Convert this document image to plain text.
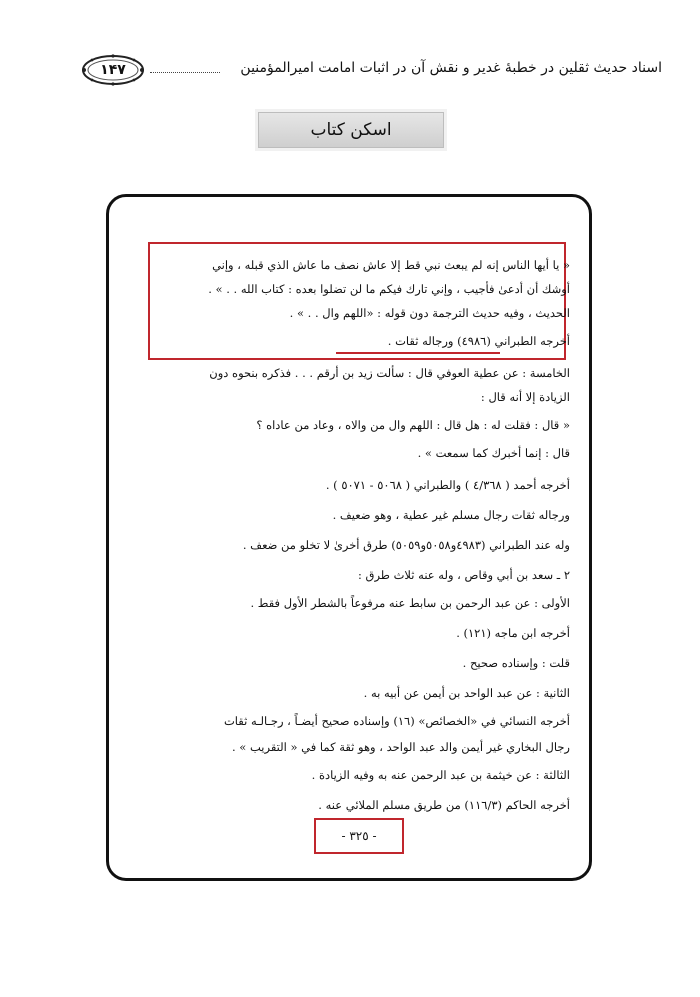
اسناد حدیث ثقلین در خطبهٔ غدیر و نقش آن در اثبات امامت امیرالمؤمنین
۱۴۷
اسکن کتاب
« يا أيها الناس إنه لم يبعث نبي قط إلا عاش نصف ما عاش الذي قبله ، وإني
أوشك أن أدعىٰ فأجيب ، وإني تارك فيكم ما لن تضلوا بعده : كتاب الله . . » .
الحديث ، وفيه حديث الترجمة دون قوله : «اللهم وال . . » .
أخرجه الطبراني (٤٩٨٦) ورجاله ثقات .
الخامسة : عن عطية العوفي قال : سألت زيد بن أرقم . . . فذكره بنحوه دون
الزيادة إلا أنه قال :
« قال : فقلت له : هل قال : اللهم وال من والاه ، وعاد من عاداه ؟
قال : إنما أخبرك كما سمعت » .
أخرجه أحمد ( ٤/٣٦٨ ) والطبراني ( ٥٠٦٨ - ٥٠٧١ ) .
ورجاله ثقات رجال مسلم غير عطية ، وهو ضعيف .
وله عند الطبراني (٤٩٨٣و٥٠٥٨و٥٠٥٩) طرق أخرىٰ لا تخلو من ضعف .
٢ ـ سعد بن أبي وقاص ، وله عنه ثلاث طرق :
الأولى : عن عبد الرحمن بن سابط عنه مرفوعاً بالشطر الأول فقط .
أخرجه ابن ماجه (١٢١) .
قلت : وإسناده صحيح .
الثانية : عن عبد الواحد بن أيمن عن أبيه به .
أخرجه النسائي في «الخصائص» (١٦) وإسناده صحيح أيضـاً ، رجـالـه ثقات
رجال البخاري غير أيمن والد عبد الواحد ، وهو ثقة كما في « التقريب » .
الثالثة : عن خيثمة بن عبد الرحمن عنه به وفيه الزيادة .
أخرجه الحاكم (١١٦/٣) من طريق مسلم الملائي عنه .
- ٣٢٥ -
